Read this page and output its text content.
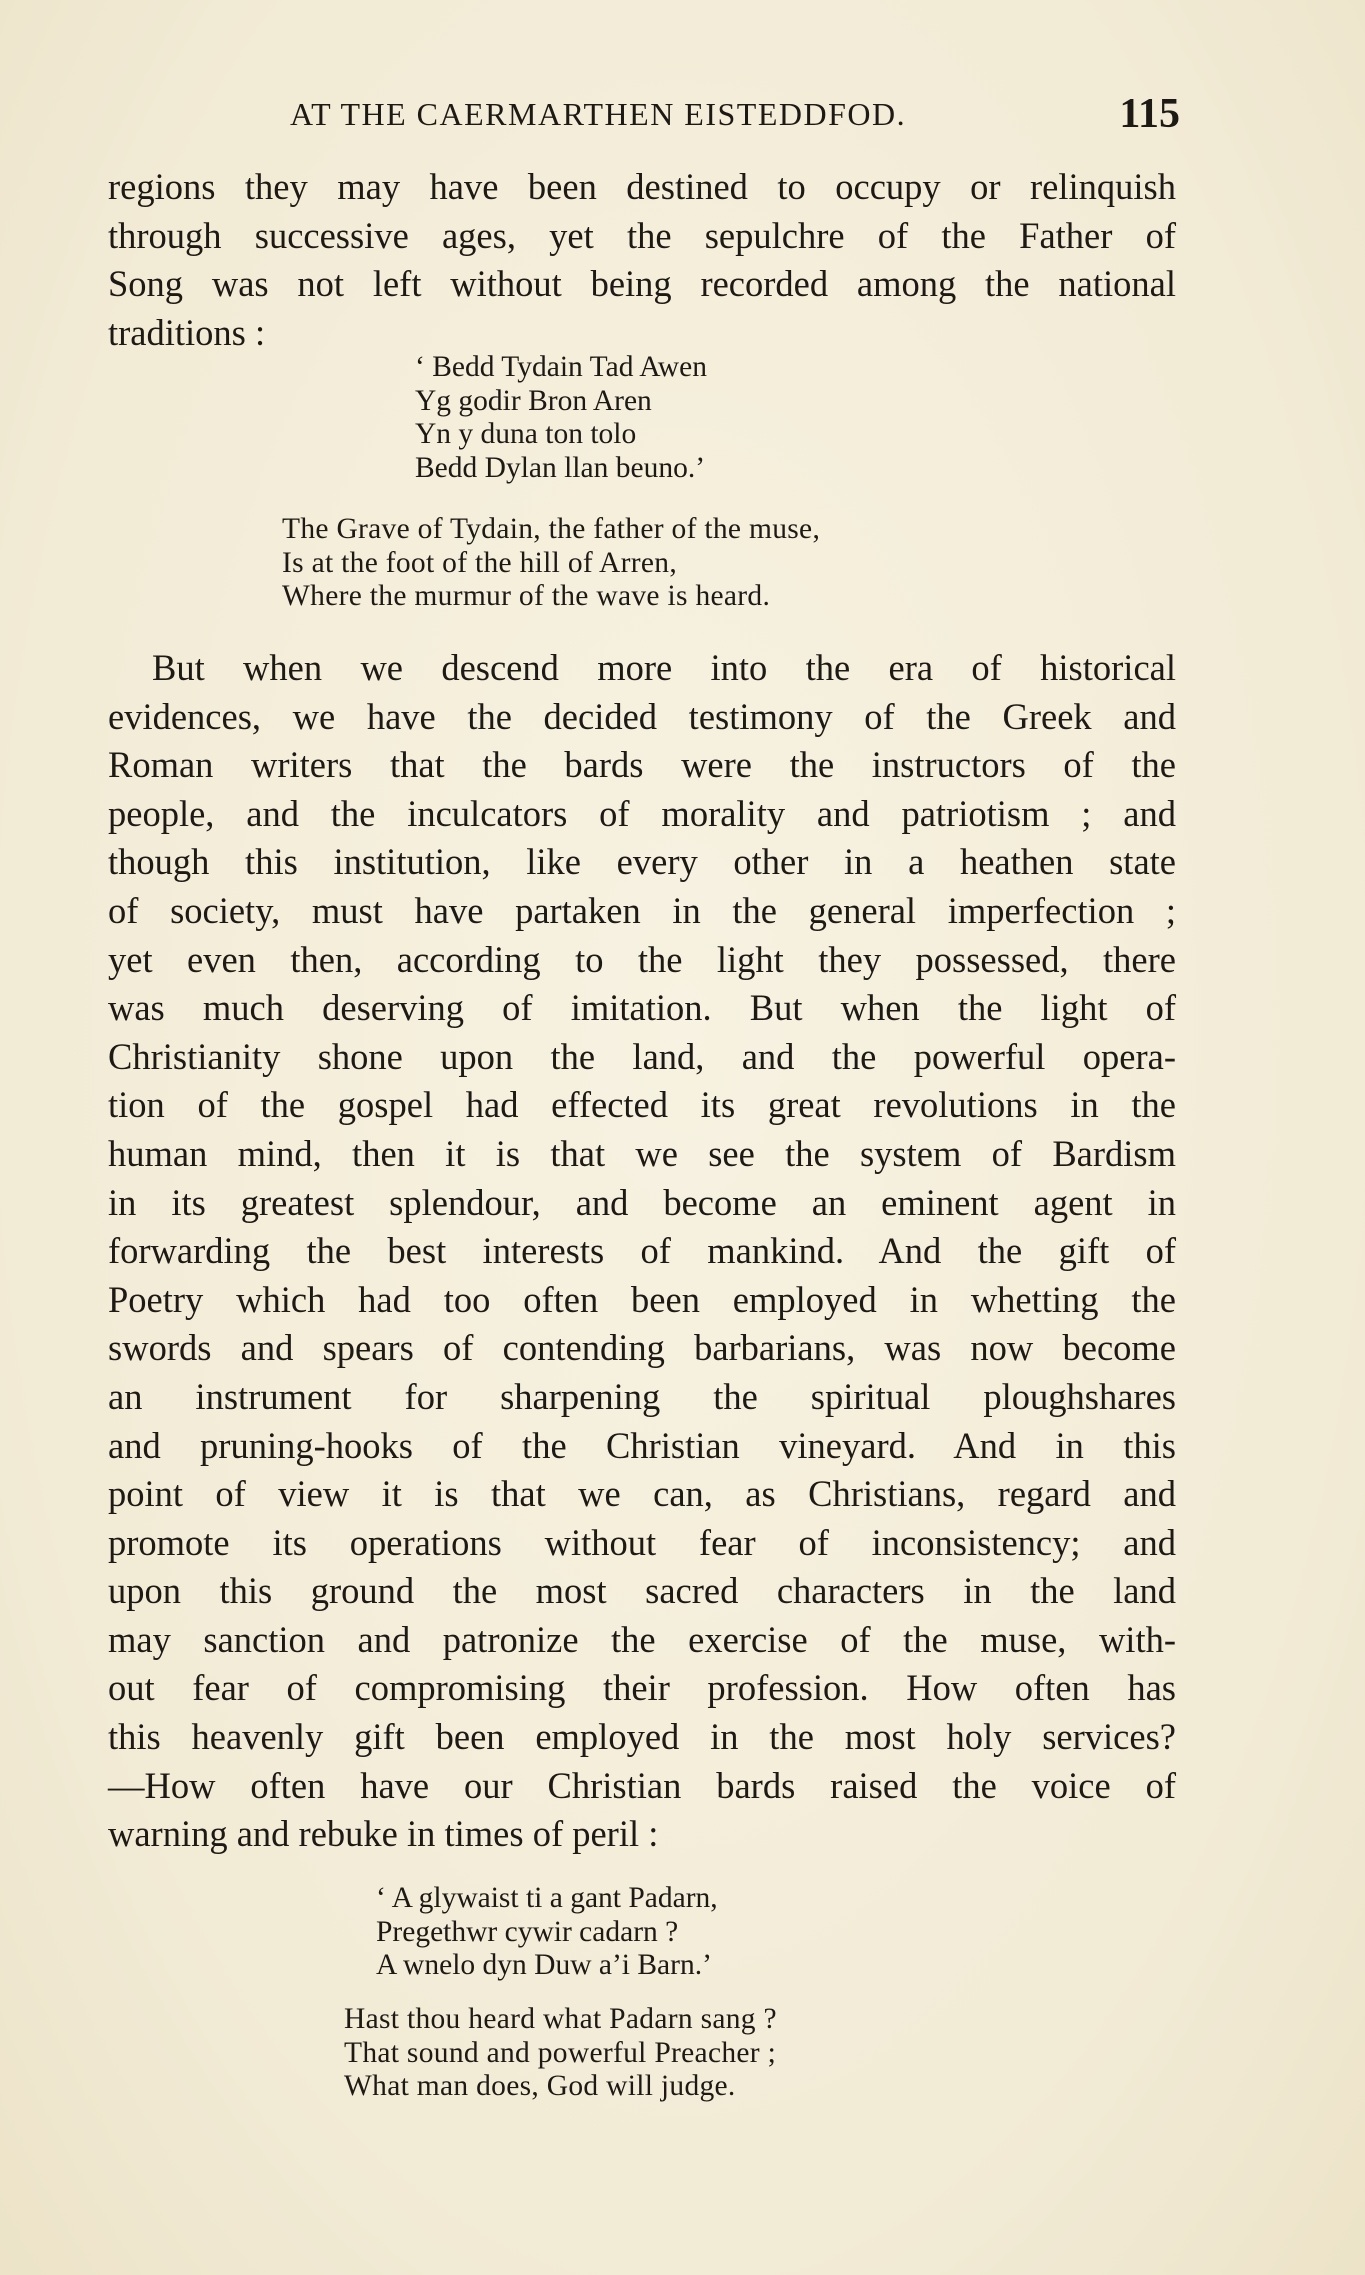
AT THE CAERMARTHEN EISTEDDFOD.	115
regions they may have been destined to occupy or relinquish
through successive ages, yet the sepulchre of the Father of
Song was not left without being recorded among the national
traditions :
‘ Bedd Tydain Tad Awen
Yg godir Bron Aren
Yn y duna ton tolo
Bedd Dylan llan beuno.’
The Grave of Tydain, the father of the muse,
Is at the foot of the hill of Arren,
Where the murmur of the wave is heard.
But when we descend more into the era of historical
evidences, we have the decided testimony of the Greek and
Roman writers that the bards were the instructors of the
people, and the inculcators of morality and patriotism ; and
though this institution, like every other in a heathen state
of society, must have partaken in the general imperfection ;
yet even then, according to the light they possessed, there
was much deserving of imitation. But when the light of
Christianity shone upon the land, and the powerful opera-
tion of the gospel had effected its great revolutions in the
human mind, then it is that we see the system of Bardism
in its greatest splendour, and become an eminent agent in
forwarding the best interests of mankind. And the gift of
Poetry which had too often been employed in whetting the
swords and spears of contending barbarians, was now become
an instrument for sharpening the spiritual ploughshares
and pruning-hooks of the Christian vineyard. And in this
point of view it is that we can, as Christians, regard and
promote its operations without fear of inconsistency; and
upon this ground the most sacred characters in the land
may sanction and patronize the exercise of the muse, with-
out fear of compromising their profession. How often has
this heavenly gift been employed in the most holy services?
—How often have our Christian bards raised the voice of
warning and rebuke in times of peril :
‘ A glywaist ti a gant Padarn,
Pregethwr cywir cadarn ?
A wnelo dyn Duw a’i Barn.’
Hast thou heard what Padarn sang ?
That sound and powerful Preacher ;
What man does, God will judge.
